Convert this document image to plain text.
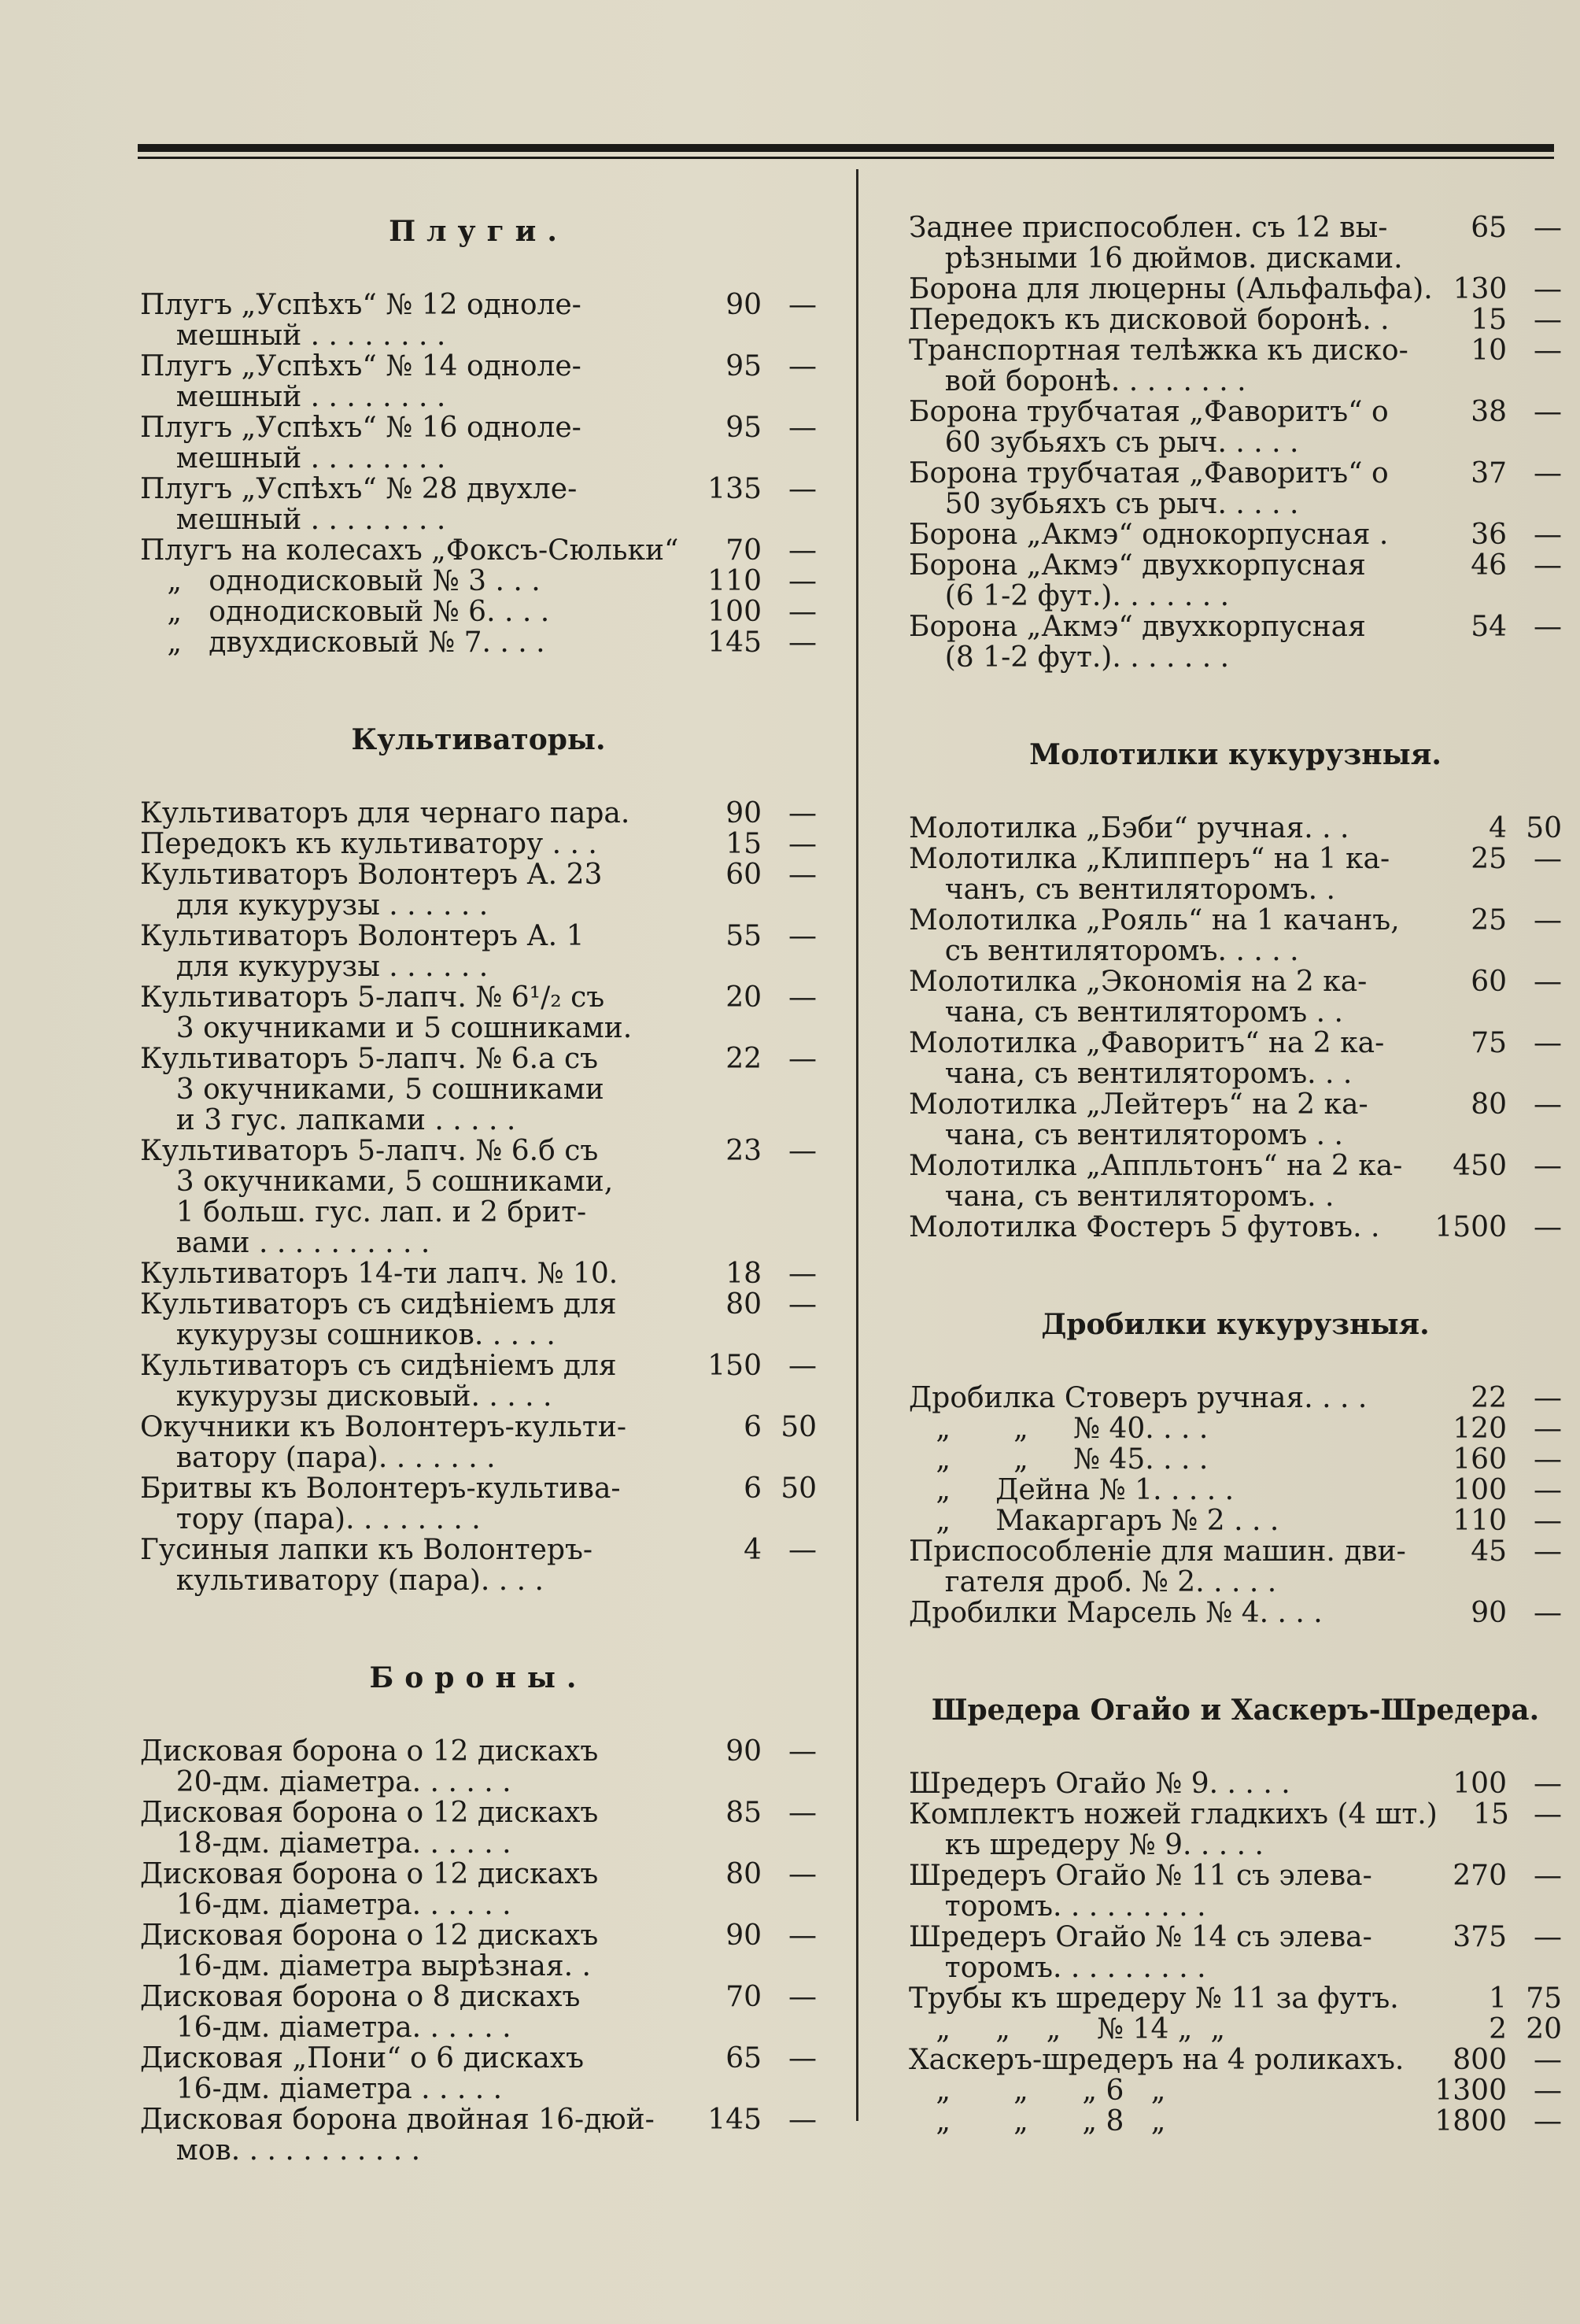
Плуги.
Плугъ „Успѣхъ“ № 12 одноле-
мешный . . . . . . . .
90 —
Плугъ „Успѣхъ“ № 14 одноле-
мешный . . . . . . . .
95 —
Плугъ „Успѣхъ“ № 16 одноле-
мешный . . . . . . . .
95 —
Плугъ „Успѣхъ“ № 28 двухле-
мешный . . . . . . . .
135 —
Плугъ на колесахъ „Фоксъ-Сюльки“	70 —
„   однодисковый № 3 . . .	110 —
„   однодисковый № 6. . . .	100 —
„   двухдисковый № 7. . . .	145 —
Культиваторы.
Культиваторъ для чернаго пара.	90 —
Передокъ къ культиватору . . .	15 —
Культиваторъ Волонтеръ А. 23
для кукурузы . . . . . .
60 —
Культиваторъ Волонтеръ А. 1
для кукурузы . . . . . .
55 —
Культиваторъ 5-лапч. № 6¹/₂ съ
3 окучниками и 5 сошниками.
20 —
Культиваторъ 5-лапч. № 6.а съ
3 окучниками, 5 сошниками
и 3 гус. лапками . . . . .
22 —
Культиваторъ 5-лапч. № 6.б съ
3 окучниками, 5 сошниками,
1 больш. гус. лап. и 2 брит-
вами . . . . . . . . . .
23 —
Культиваторъ 14-ти лапч. № 10.	18 —
Культиваторъ съ сидѣніемъ для
кукурузы сошников. . . . .
80 —
Культиваторъ съ сидѣніемъ для
кукурузы дисковый. . . . .
150 —
Окучники къ Волонтеръ-культи-
ватору (пара). . . . . . .
6 50
Бритвы къ Волонтеръ-культива-
тору (пара). . . . . . . .
6 50
Гусиныя лапки къ Волонтеръ-
культиватору (пара). . . .
4 —
Бороны.
Дисковая борона о 12 дискахъ
20-дм. діаметра. . . . . .
90 —
Дисковая борона о 12 дискахъ
18-дм. діаметра. . . . . .
85 —
Дисковая борона о 12 дискахъ
16-дм. діаметра. . . . . .
80 —
Дисковая борона о 12 дискахъ
16-дм. діаметра вырѣзная. .
90 —
Дисковая борона о 8 дискахъ
16-дм. діаметра. . . . . .
70 —
Дисковая „Пони“ о 6 дискахъ
16-дм. діаметра . . . . .
65 —
Дисковая борона двойная 16-дюй-
мов. . . . . . . . . . .
145 —
Заднее приспособлен. съ 12 вы-
рѣзными 16 дюймов. дисками.
65 —
Борона для люцерны (Альфальфа). 130 —
Передокъ къ дисковой боронѣ. .	15 —
Транспортная телѣжка къ диско-
вой боронѣ. . . . . . . .
10 —
Борона трубчатая „Фаворитъ“ о
60 зубьяхъ съ рыч. . . . .
38 —
Борона трубчатая „Фаворитъ“ о
50 зубьяхъ съ рыч. . . . .
37 —
Борона „Акмэ“ однокорпусная .	36 —
Борона „Акмэ“ двухкорпусная
(6 1-2 фут.). . . . . . .
46 —
Борона „Акмэ“ двухкорпусная
(8 1-2 фут.). . . . . . .
54 —
Молотилки кукурузныя.
Молотилка „Бэби“ ручная. . .	4 50
Молотилка „Клипперъ“ на 1 ка-
чанъ, съ вентиляторомъ. .
25 —
Молотилка „Рояль“ на 1 качанъ,
съ вентиляторомъ. . . . .
25 —
Молотилка „Экономія на 2 ка-
чана, съ вентиляторомъ . .
60 —
Молотилка „Фаворитъ“ на 2 ка-
чана, съ вентиляторомъ. . .
75 —
Молотилка „Лейтеръ“ на 2 ка-
чана, съ вентиляторомъ . .
80 —
Молотилка „Аппльтонъ“ на 2 ка-
чана, съ вентиляторомъ. .
450 —
Молотилка Фостеръ 5 футовъ. .	1500 —
Дробилки кукурузныя.
Дробилка Стоверъ ручная. . . .	22 —
„       „     № 40. . . .	120 —
„       „     № 45. . . .	160 —
„     Дейна № 1. . . . .	100 —
„     Макаргаръ № 2 . . .	110 —
Приспособленіе для машин. дви-
гателя дроб. № 2. . . . .
45 —
Дробилки Марсель № 4. . . .	90 —
Шредера Огайо и Хаскеръ-Шредера.
Шредеръ Огайо № 9. . . . .	100 —
Комплектъ ножей гладкихъ (4 шт.)
къ шредеру № 9. . . . .
15 —
Шредеръ Огайо № 11 съ элева-
торомъ. . . . . . . . .
270 —
Шредеръ Огайо № 14 съ элева-
торомъ. . . . . . . . .
375 —
Трубы къ шредеру № 11 за футъ.	1 75
„     „    „    № 14 „  „	2 20
Хаскеръ-шредеръ на 4 роликахъ.	800 —
„       „      „ 6   „	1300 —
„       „      „ 8   „	1800 —
